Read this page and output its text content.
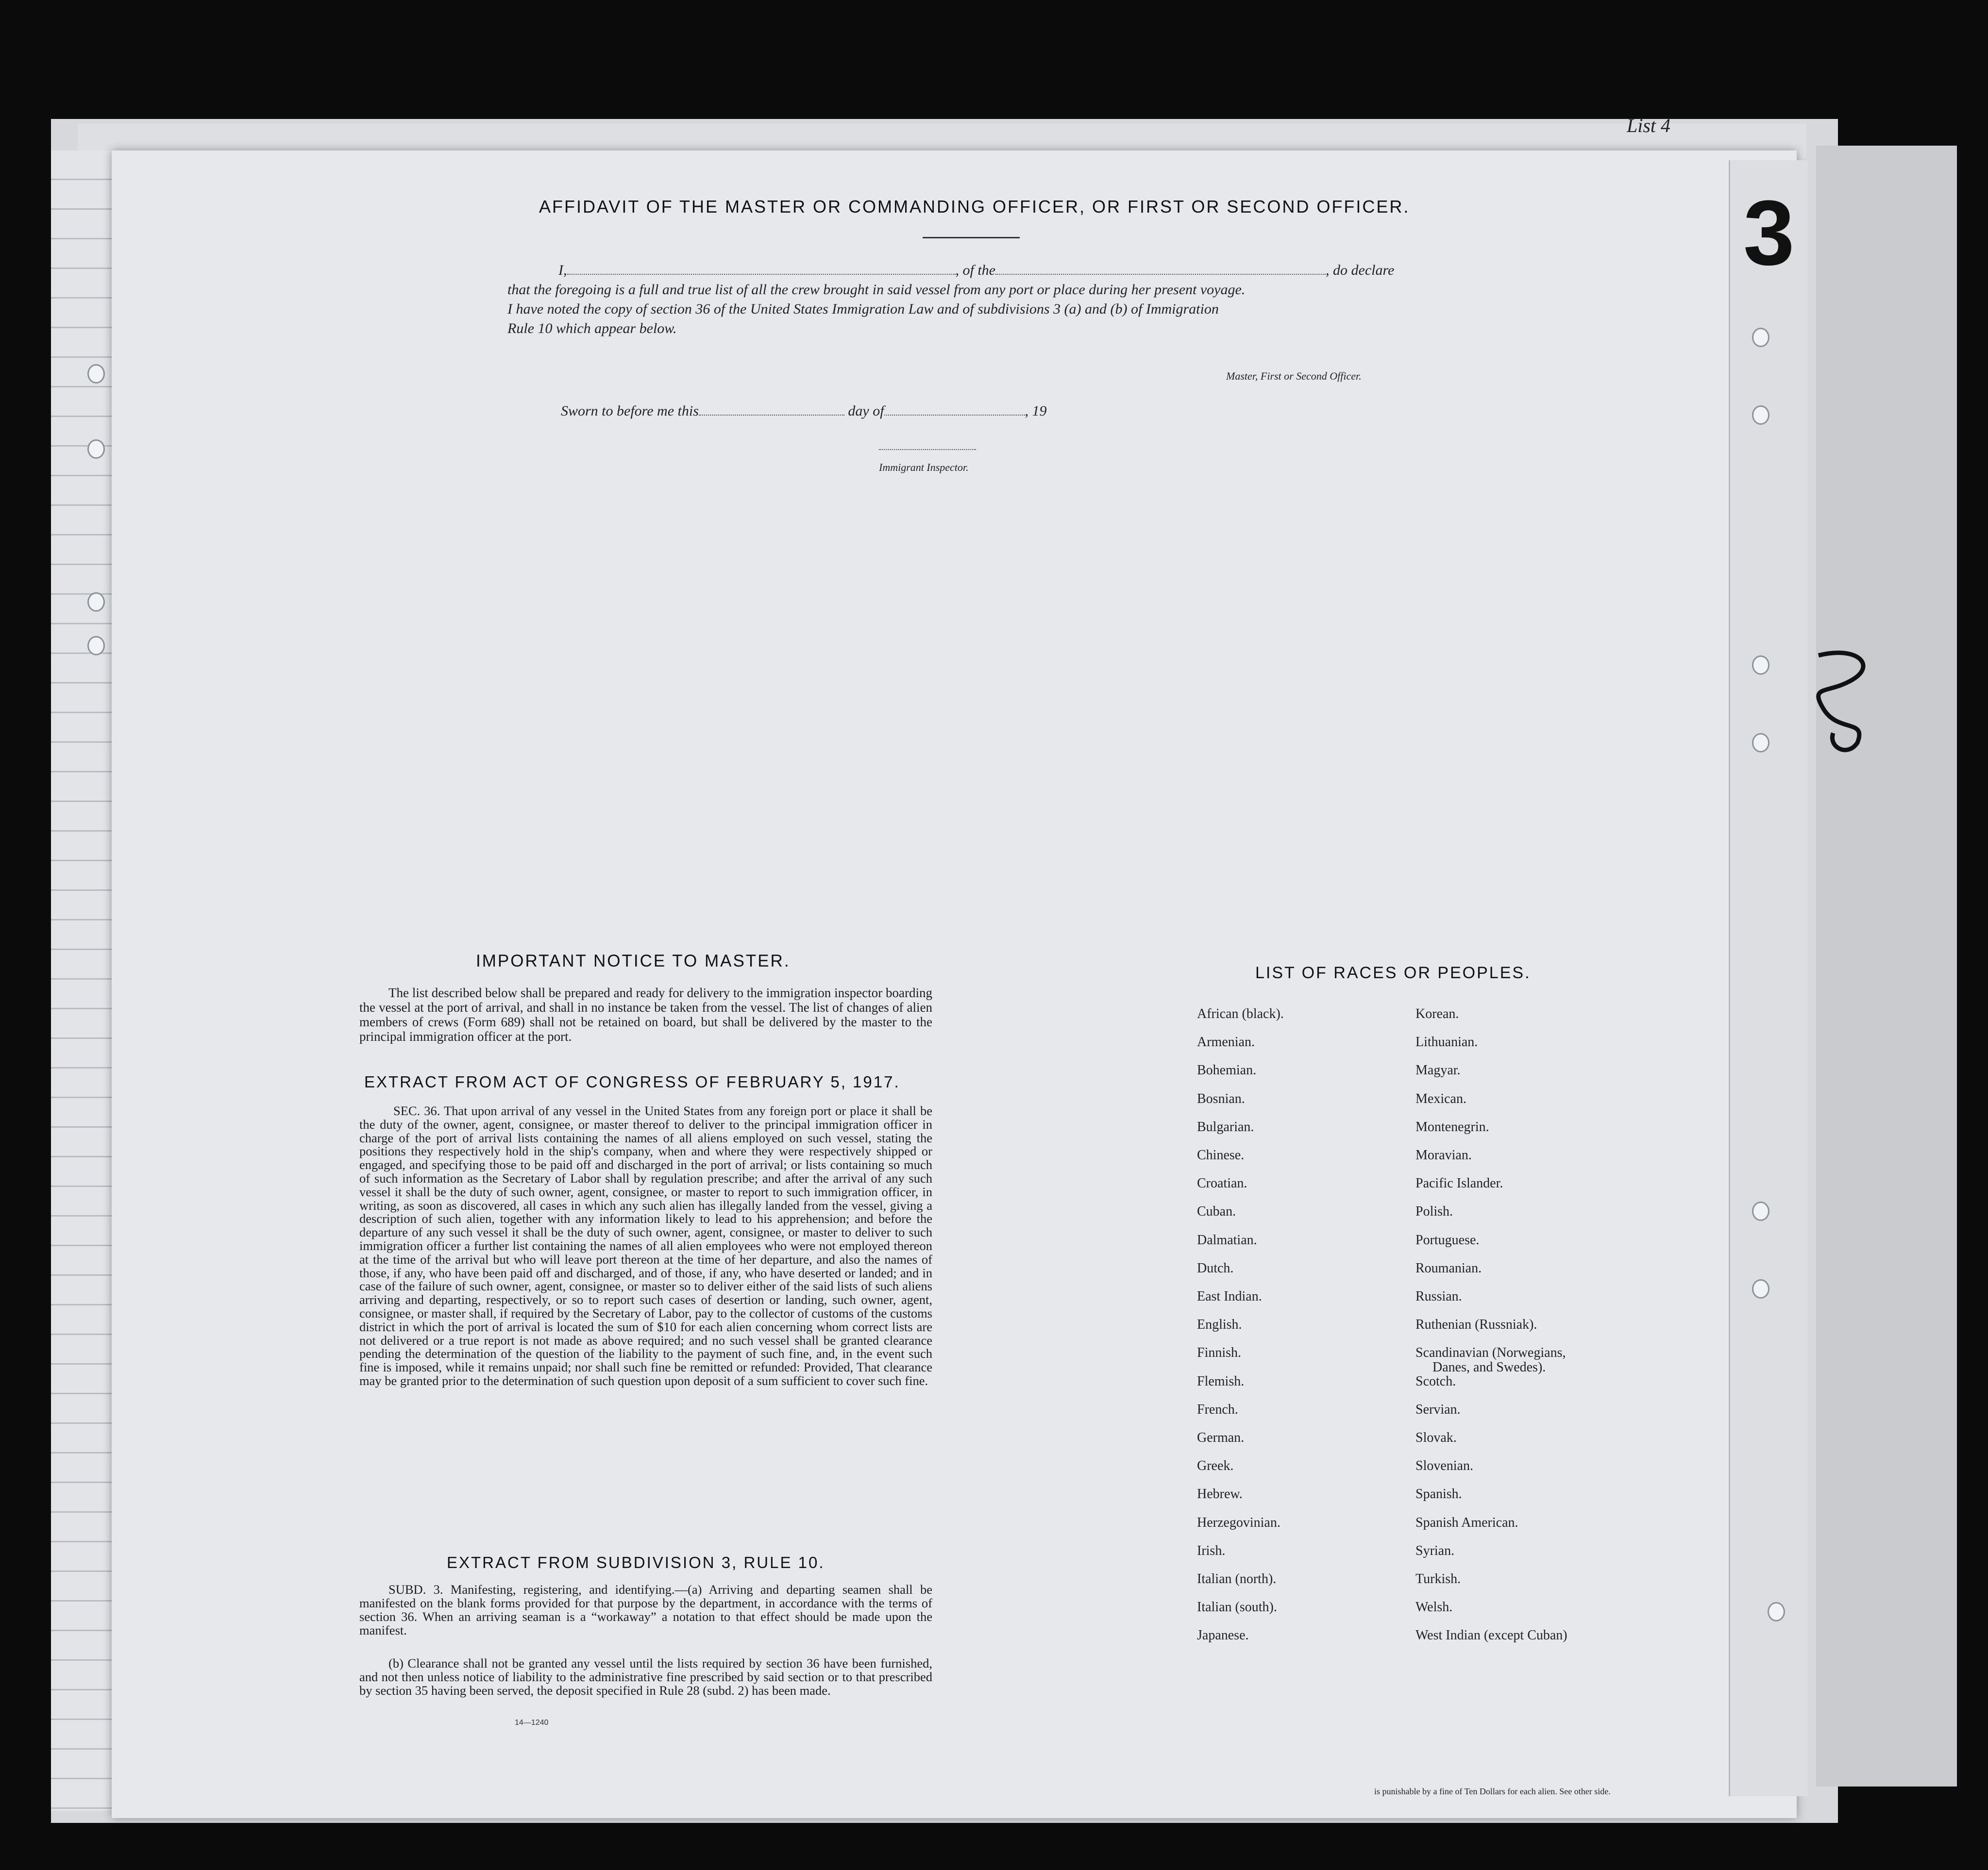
List 4
3
AFFIDAVIT OF THE MASTER OR COMMANDING OFFICER, OR FIRST OR SECOND OFFICER.
I,	, of the	, do declare
that the foregoing is a full and true list of all the crew brought in said vessel from any port or place during her present voyage.
I have noted the copy of section 36 of the United States Immigration Law and of subdivisions 3 (a) and (b) of Immigration
Rule 10 which appear below.
Master, First or Second Officer.
Sworn to before me this	day of	, 19
Immigrant Inspector.
IMPORTANT NOTICE TO MASTER.

The list described below shall be prepared and ready for delivery to the immigration inspector boarding the vessel at the port of arrival, and shall in no instance be taken from the vessel. The list of changes of alien members of crews (Form 689) shall not be retained on board, but shall be delivered by the master to the principal immigration officer at the port.

EXTRACT FROM ACT OF CONGRESS OF FEBRUARY 5, 1917.

SEC. 36. That upon arrival of any vessel in the United States from any foreign port or place it shall be the duty of the owner, agent, consignee, or master thereof to deliver to the principal immigration officer in charge of the port of arrival lists containing the names of all aliens employed on such vessel, stating the positions they respectively hold in the ship's company, when and where they were respectively shipped or engaged, and specifying those to be paid off and discharged in the port of arrival; or lists containing so much of such information as the Secretary of Labor shall by regulation prescribe; and after the arrival of any such vessel it shall be the duty of such owner, agent, consignee, or master to report to such immigration officer, in writing, as soon as discovered, all cases in which any such alien has illegally landed from the vessel, giving a description of such alien, together with any information likely to lead to his apprehension; and before the departure of any such vessel it shall be the duty of such owner, agent, consignee, or master to deliver to such immigration officer a further list containing the names of all alien employees who were not employed thereon at the time of the arrival but who will leave port thereon at the time of her departure, and also the names of those, if any, who have been paid off and discharged, and of those, if any, who have deserted or landed; and in case of the failure of such owner, agent, consignee, or master so to deliver either of the said lists of such aliens arriving and departing, respectively, or so to report such cases of desertion or landing, such owner, agent, consignee, or master shall, if required by the Secretary of Labor, pay to the collector of customs of the customs district in which the port of arrival is located the sum of $10 for each alien concerning whom correct lists are not delivered or a true report is not made as above required; and no such vessel shall be granted clearance pending the determination of the question of the liability to the payment of such fine, and, in the event such fine is imposed, while it remains unpaid; nor shall such fine be remitted or refunded: Provided, That clearance may be granted prior to the determination of such question upon deposit of a sum sufficient to cover such fine.

EXTRACT FROM SUBDIVISION 3, RULE 10.

SUBD. 3. Manifesting, registering, and identifying.—(a) Arriving and departing seamen shall be manifested on the blank forms provided for that purpose by the department, in accordance with the terms of section 36. When an arriving seaman is a “workaway” a notation to that effect should be made upon the manifest.

(b) Clearance shall not be granted any vessel until the lists required by section 36 have been furnished, and not then unless notice of liability to the administrative fine prescribed by said section or to that prescribed by section 35 having been served, the deposit specified in Rule 28 (subd. 2) has been made.

14—1240
LIST OF RACES OR PEOPLES.
African (black).
Armenian.
Bohemian.
Bosnian.
Bulgarian.
Chinese.
Croatian.
Cuban.
Dalmatian.
Dutch.
East Indian.
English.
Finnish.
Flemish.
French.
German.
Greek.
Hebrew.
Herzegovinian.
Irish.
Italian (north).
Italian (south).
Japanese.
Korean.
Lithuanian.
Magyar.
Mexican.
Montenegrin.
Moravian.
Pacific Islander.
Polish.
Portuguese.
Roumanian.
Russian.
Ruthenian (Russniak).
Scandinavian (Norwegians,
Danes, and Swedes).
Scotch.
Servian.
Slovak.
Slovenian.
Spanish.
Spanish American.
Syrian.
Turkish.
Welsh.
West Indian (except Cuban)
is punishable by a fine of Ten Dollars for each alien. See other side.
